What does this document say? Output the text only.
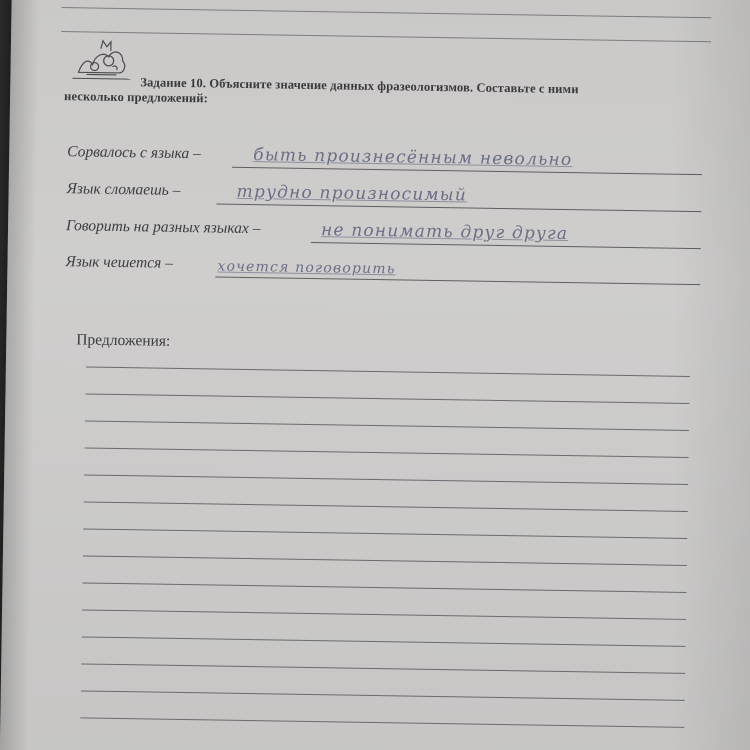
Задание 10. Объясните значение данных фразеологизмов. Составьте с ними
несколько предложений:
Сорвалось с языка –	быть произнесённым невольно
Язык сломаешь –	трудно произносимый
Говорить на разных языках –	не понимать друг друга
Язык чешется –	хочется поговорить
Предложения:
